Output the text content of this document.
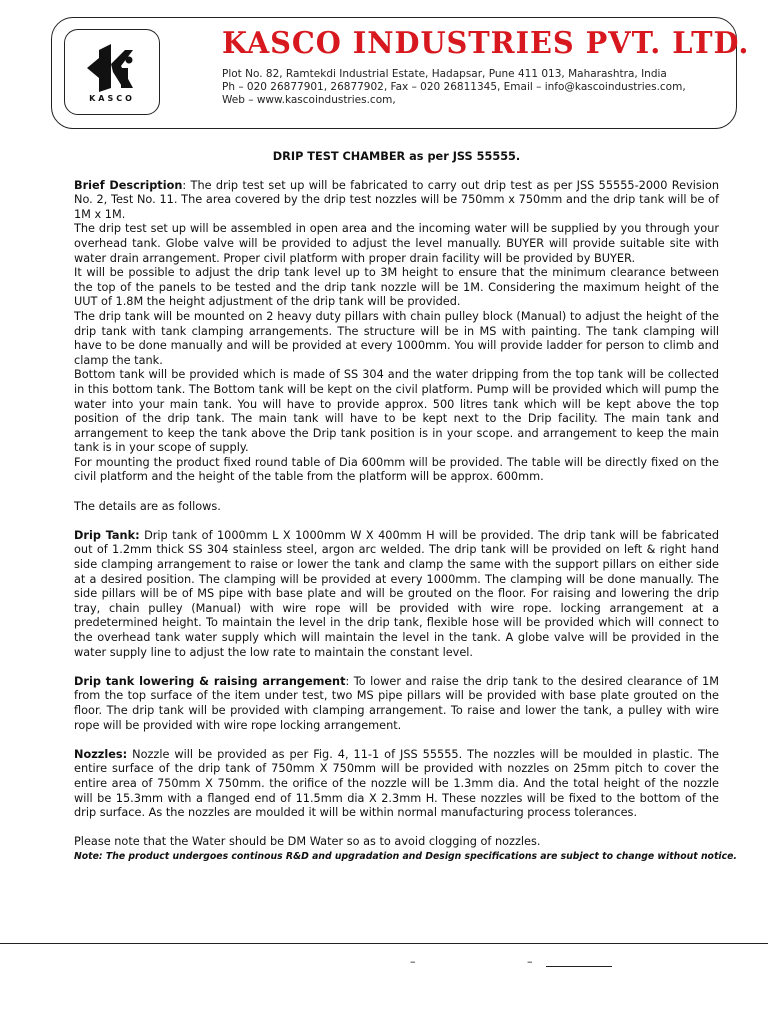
KASCO
KASCO INDUSTRIES PVT. LTD.
Plot No. 82, Ramtekdi Industrial Estate, Hadapsar, Pune 411 013, Maharashtra, India
Ph – 020 26877901, 26877902, Fax – 020 26811345, Email – info@kascoindustries.com,
Web – www.kascoindustries.com,

DRIP TEST CHAMBER as per JSS 55555.

Brief Description: The drip test set up will be fabricated to carry out drip test as per JSS 55555-2000 Revision No. 2, Test No. 11. The area covered by the drip test nozzles will be 750mm x 750mm and the drip tank will be of 1M x 1M.

The drip test set up will be assembled in open area and the incoming water will be supplied by you through your overhead tank. Globe valve will be provided to adjust the level manually. BUYER will provide suitable site with water drain arrangement. Proper civil platform with proper drain facility will be provided by BUYER.

It will be possible to adjust the drip tank level up to 3M height to ensure that the minimum clearance between the top of the panels to be tested and the drip tank nozzle will be 1M. Considering the maximum height of the UUT of 1.8M the height adjustment of the drip tank will be provided.

The drip tank will be mounted on 2 heavy duty pillars with chain pulley block (Manual) to adjust the height of the drip tank with tank clamping arrangements. The structure will be in MS with painting. The tank clamping will have to be done manually and will be provided at every 1000mm. You will provide ladder for person to climb and clamp the tank.

Bottom tank will be provided which is made of SS 304 and the water dripping from the top tank will be collected in this bottom tank. The Bottom tank will be kept on the civil platform. Pump will be provided which will pump the water into your main tank. You will have to provide approx. 500 litres tank which will be kept above the top position of the drip tank. The main tank will have to be kept next to the Drip facility. The main tank and arrangement to keep the tank above the Drip tank position is in your scope. and arrangement to keep the main tank is in your scope of supply.

For mounting the product fixed round table of Dia 600mm will be provided. The table will be directly fixed on the civil platform and the height of the table from the platform will be approx. 600mm.

The details are as follows.

Drip Tank: Drip tank of 1000mm L X 1000mm W X 400mm H will be provided. The drip tank will be fabricated out of 1.2mm thick SS 304 stainless steel, argon arc welded. The drip tank will be provided on left & right hand side clamping arrangement to raise or lower the tank and clamp the same with the support pillars on either side at a desired position. The clamping will be provided at every 1000mm. The clamping will be done manually. The side pillars will be of MS pipe with base plate and will be grouted on the floor. For raising and lowering the drip tray, chain pulley (Manual) with wire rope will be provided with wire rope. locking arrangement at a predetermined height. To maintain the level in the drip tank, flexible hose will be provided which will connect to the overhead tank water supply which will maintain the level in the tank. A globe valve will be provided in the water supply line to adjust the low rate to maintain the constant level.

Drip tank lowering & raising arrangement: To lower and raise the drip tank to the desired clearance of 1M from the top surface of the item under test, two MS pipe pillars will be provided with base plate grouted on the floor. The drip tank will be provided with clamping arrangement. To raise and lower the tank, a pulley with wire rope will be provided with wire rope locking arrangement.

Nozzles: Nozzle will be provided as per Fig. 4, 11-1 of JSS 55555. The nozzles will be moulded in plastic. The entire surface of the drip tank of 750mm X 750mm will be provided with nozzles on 25mm pitch to cover the entire area of 750mm X 750mm. the orifice of the nozzle will be 1.3mm dia. And the total height of the nozzle will be 15.3mm with a flanged end of 11.5mm dia X 2.3mm H. These nozzles will be fixed to the bottom of the drip surface. As the nozzles are moulded it will be within normal manufacturing process tolerances.

Please note that the Water should be DM Water so as to avoid clogging of nozzles.

Note: The product undergoes continous R&D and upgradation and Design specifications are subject to change without notice.

–	–
